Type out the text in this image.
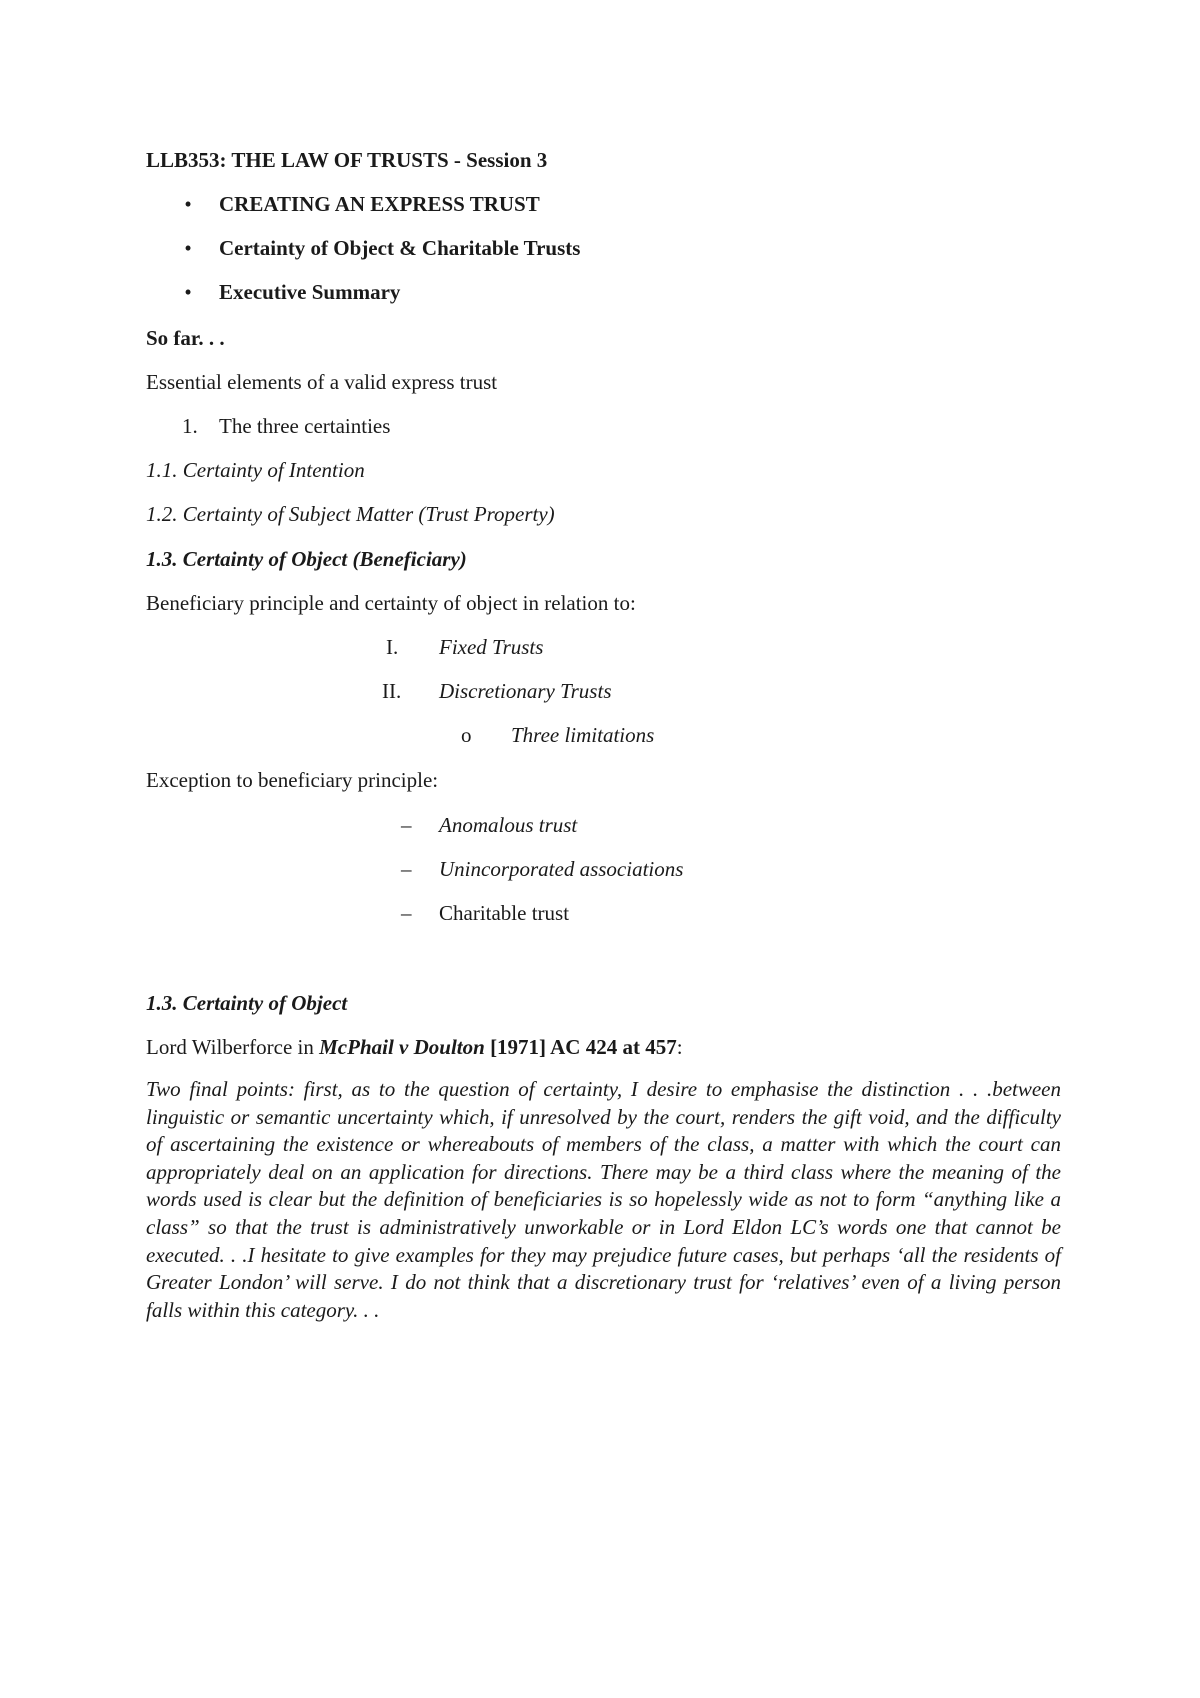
LLB353: THE LAW OF TRUSTS - Session 3
• CREATING AN EXPRESS TRUST
• Certainty of Object & Charitable Trusts
• Executive Summary
So far. . .
Essential elements of a valid express trust
1. The three certainties
1.1. Certainty of Intention
1.2. Certainty of Subject Matter (Trust Property)
1.3. Certainty of Object (Beneficiary)
Beneficiary principle and certainty of object in relation to:
I. Fixed Trusts
II. Discretionary Trusts
o Three limitations
Exception to beneficiary principle:
– Anomalous trust
– Unincorporated associations
– Charitable trust
1.3. Certainty of Object
Lord Wilberforce in McPhail v Doulton [1971] AC 424 at 457:
Two final points: first, as to the question of certainty, I desire to emphasise the distinction . . .between linguistic or semantic uncertainty which, if unresolved by the court, renders the gift void, and the difficulty of ascertaining the existence or whereabouts of members of the class, a matter with which the court can appropriately deal on an application for directions. There may be a third class where the meaning of the words used is clear but the definition of beneficiaries is so hopelessly wide as not to form “anything like a class” so that the trust is administratively unworkable or in Lord Eldon LC’s words one that cannot be executed. . .I hesitate to give examples for they may prejudice future cases, but perhaps ‘all the residents of Greater London’ will serve. I do not think that a discretionary trust for ‘relatives’ even of a living person falls within this category. . .
